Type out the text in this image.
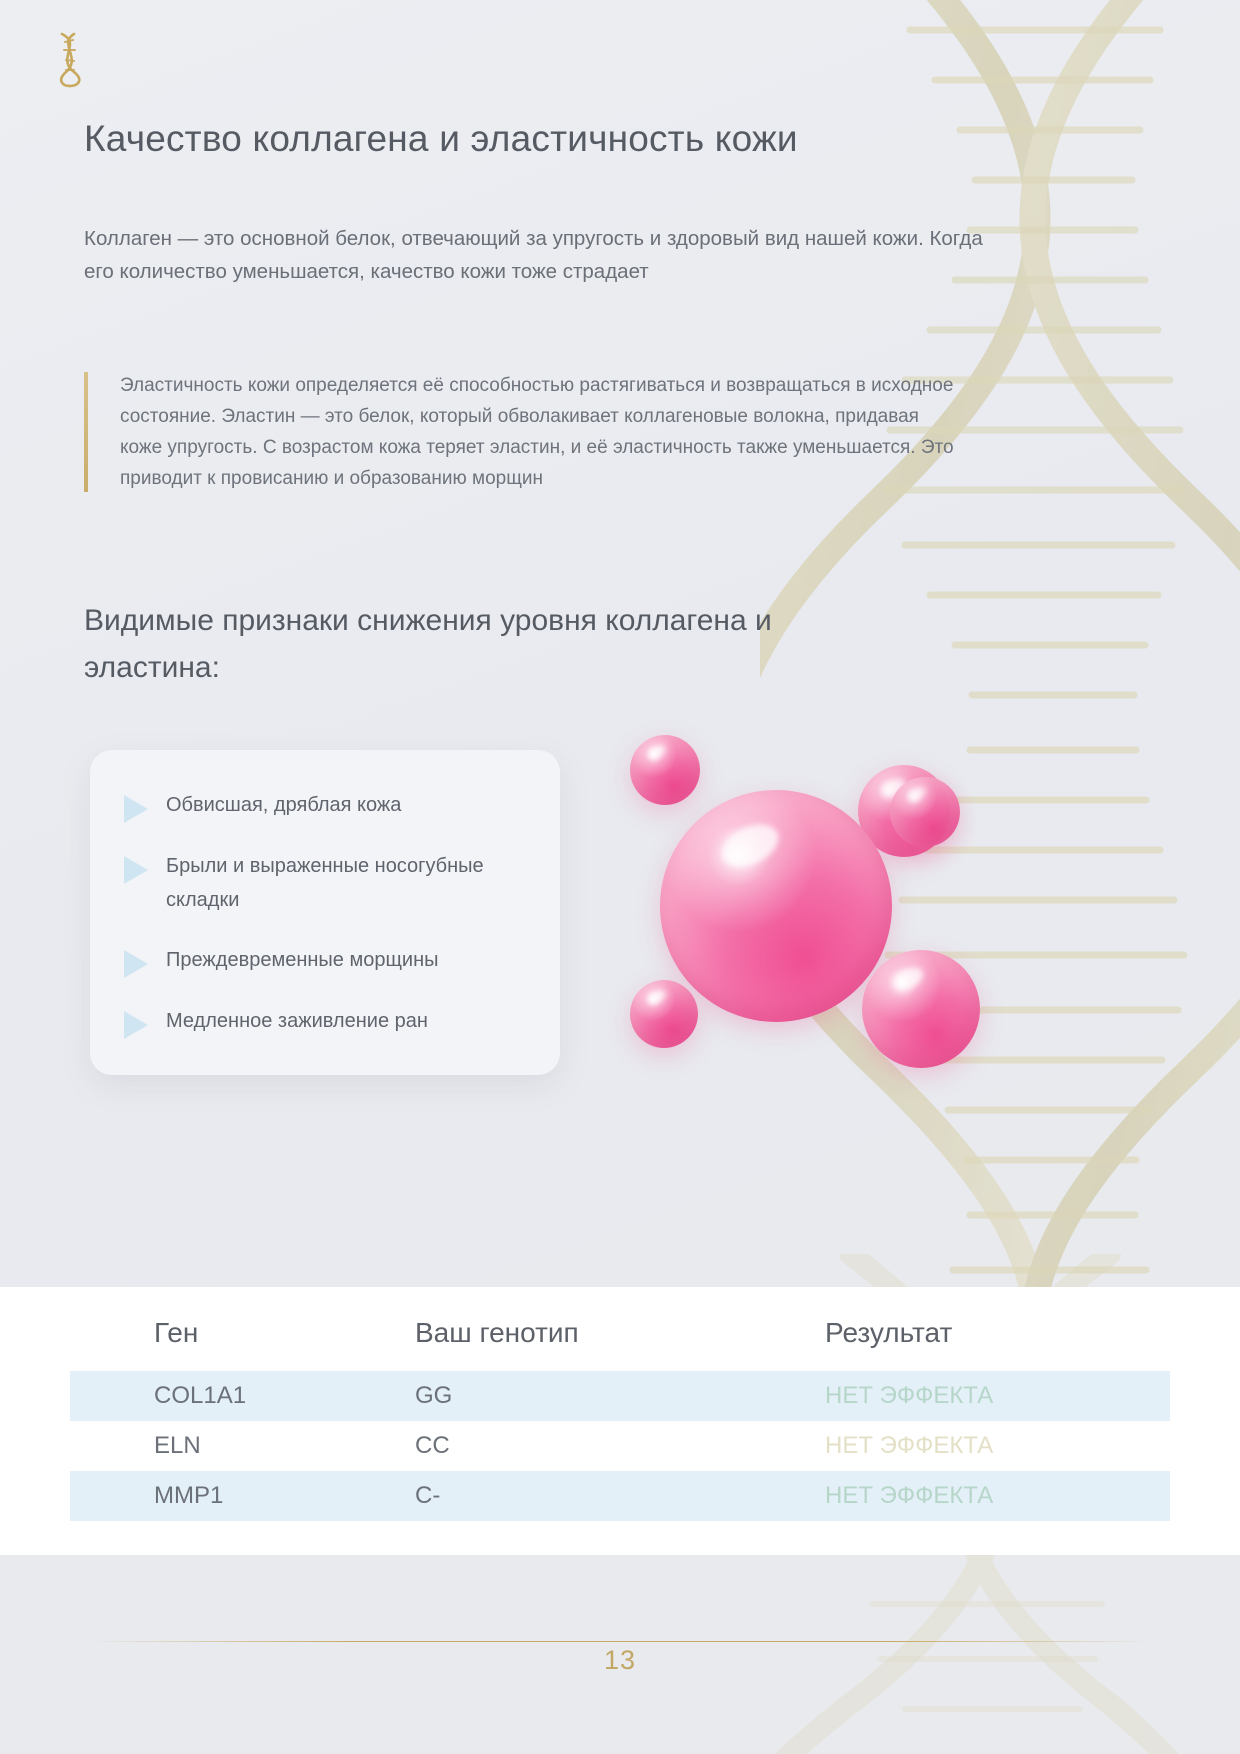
Качество коллагена и эластичность кожи

Коллаген — это основной белок, отвечающий за упругость и здоровый вид нашей кожи. Когда его количество уменьшается, качество кожи тоже страдает

Эластичность кожи определяется её способностью растягиваться и возвращаться в исходное состояние. Эластин — это белок, который обволакивает коллагеновые волокна, придавая коже упругость. С возрастом кожа теряет эластин, и её эластичность также уменьшается. Это приводит к провисанию и образованию морщин
Видимые признаки снижения уровня коллагена и эластина:
Обвисшая, дряблая кожа
Брыли и выраженные носогубные складки
Преждевременные морщины
Медленное заживление ран
Ген	Ваш генотип	Результат
COL1A1	GG	НЕТ ЭФФЕКТА
ELN	CC	НЕТ ЭФФЕКТА
MMP1	C-	НЕТ ЭФФЕКТА
13
